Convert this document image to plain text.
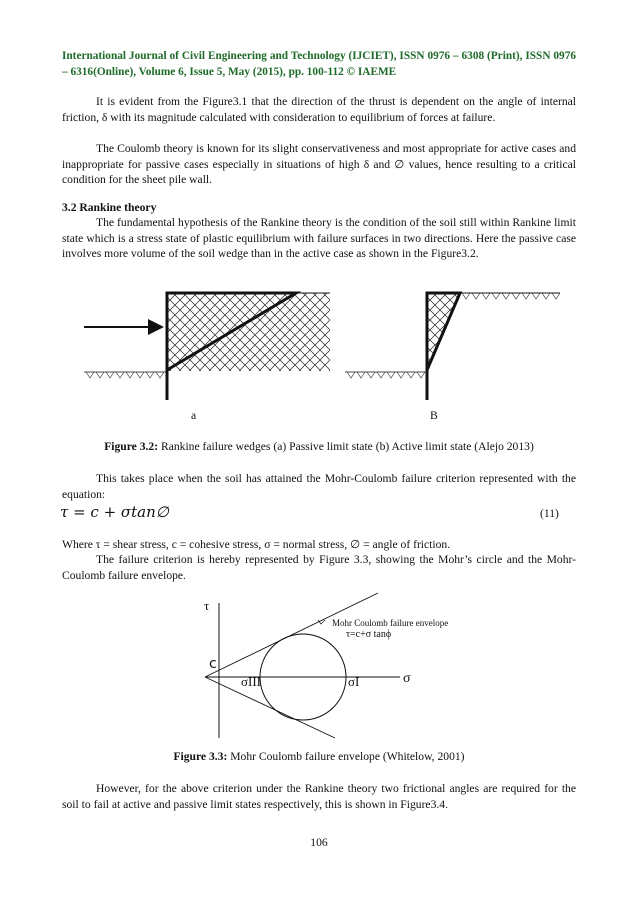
International Journal of Civil Engineering and Technology (IJCIET), ISSN 0976 – 6308 (Print), ISSN 0976 – 6316(Online), Volume 6, Issue 5, May (2015), pp. 100-112 © IAEME
It is evident from the Figure3.1 that the direction of the thrust is dependent on the angle of internal friction, δ with its magnitude calculated with consideration to equilibrium of forces at failure.
The Coulomb theory is known for its slight conservativeness and most appropriate for active cases and inappropriate for passive cases especially in situations of high δ and ∅ values, hence resulting to a critical condition for the sheet pile wall.
3.2 Rankine theory
The fundamental hypothesis of the Rankine theory is the condition of the soil still within Rankine limit state which is a stress state of plastic equilibrium with failure surfaces in two directions. Here the passive case involves more volume of the soil wedge than in the active case as shown in the Figure3.2.
a	B
Figure 3.2: Rankine failure wedges (a) Passive limit state (b) Active limit state (Alejo 2013)
This takes place when the soil has attained the Mohr-Coulomb failure criterion represented with the equation:
τ = c + σtan∅	(11)
Where τ = shear stress, c = cohesive stress, σ = normal stress, ∅ = angle of friction.
The failure criterion is hereby represented by Figure 3.3, showing the Mohr’s circle and the Mohr-Coulomb failure envelope.
τ
σ
c
σIII	σI
Mohr Coulomb failure envelope
τ=c+σ tanϕ
Figure 3.3: Mohr Coulomb failure envelope (Whitelow, 2001)
However, for the above criterion under the Rankine theory two frictional angles are required for the soil to fail at active and passive limit states respectively, this is shown in Figure3.4.
106
